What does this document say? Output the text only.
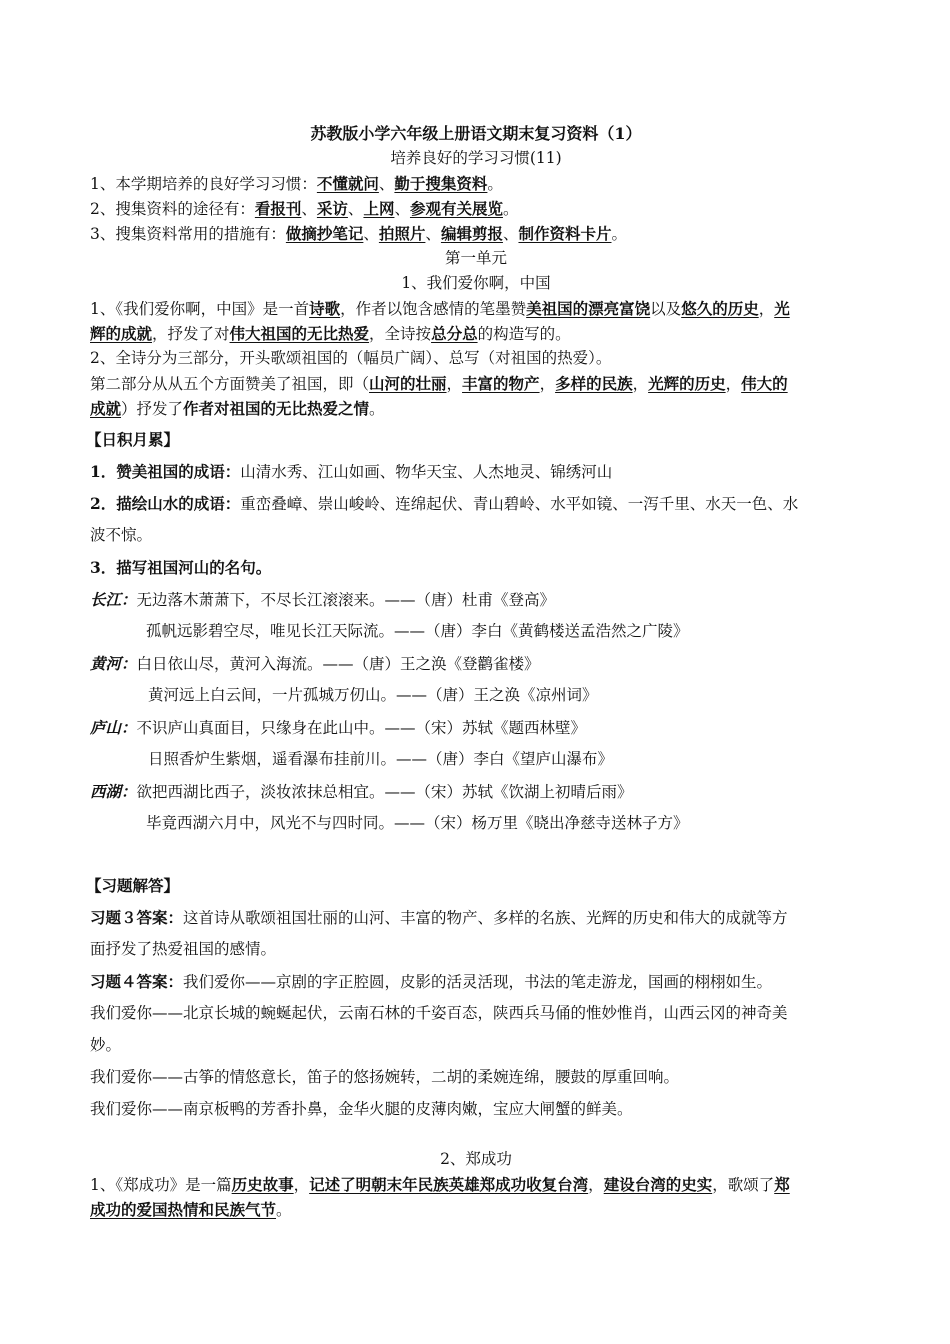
苏教版小学六年级上册语文期末复习资料（1）
培养良好的学习习惯(11)
1、本学期培养的良好学习习惯：不懂就问、勤于搜集资料。
2、搜集资料的途径有：看报刊、采访、上网、参观有关展览。
3、搜集资料常用的措施有：做摘抄笔记、拍照片、编辑剪报、制作资料卡片。
第一单元
1、我们爱你啊，中国
1、《我们爱你啊，中国》是一首诗歌，作者以饱含感情的笔墨赞美祖国的漂亮富饶以及悠久的历史，光
辉的成就，抒发了对伟大祖国的无比热爱，全诗按总分总的构造写的。
2、全诗分为三部分，开头歌颂祖国的（幅员广阔）、总写（对祖国的热爱）。
第二部分从从五个方面赞美了祖国，即（山河的壮丽，丰富的物产，多样的民族，光辉的历史，伟大的
成就）抒发了作者对祖国的无比热爱之情。
【日积月累】
1．赞美祖国的成语：山清水秀、江山如画、物华天宝、人杰地灵、锦绣河山
2．描绘山水的成语：重峦叠嶂、崇山峻岭、连绵起伏、青山碧岭、水平如镜、一泻千里、水天一色、水
波不惊。
3．描写祖国河山的名句。
长江：无边落木萧萧下，不尽长江滚滚来。——（唐）杜甫《登高》
孤帆远影碧空尽，唯见长江天际流。——（唐）李白《黄鹤楼送孟浩然之广陵》
黄河：白日依山尽，黄河入海流。——（唐）王之涣《登鹳雀楼》
黄河远上白云间，一片孤城万仞山。——（唐）王之涣《凉州词》
庐山：不识庐山真面目，只缘身在此山中。——（宋）苏轼《题西林壁》
日照香炉生紫烟，遥看瀑布挂前川。——（唐）李白《望庐山瀑布》
西湖：欲把西湖比西子，淡妆浓抹总相宜。——（宋）苏轼《饮湖上初晴后雨》
毕竟西湖六月中，风光不与四时同。——（宋）杨万里《晓出净慈寺送林子方》
【习题解答】
习题３答案：这首诗从歌颂祖国壮丽的山河、丰富的物产、多样的名族、光辉的历史和伟大的成就等方
面抒发了热爱祖国的感情。
习题４答案：我们爱你——京剧的字正腔圆，皮影的活灵活现，书法的笔走游龙，国画的栩栩如生。
我们爱你——北京长城的蜿蜒起伏，云南石林的千姿百态，陕西兵马俑的惟妙惟肖，山西云冈的神奇美
妙。
我们爱你——古筝的情悠意长，笛子的悠扬婉转，二胡的柔婉连绵，腰鼓的厚重回响。
我们爱你——南京板鸭的芳香扑鼻，金华火腿的皮薄肉嫩，宝应大闸蟹的鲜美。
2、郑成功
1、《郑成功》是一篇历史故事，记述了明朝末年民族英雄郑成功收复台湾，建设台湾的史实，歌颂了郑
成功的爱国热情和民族气节。
